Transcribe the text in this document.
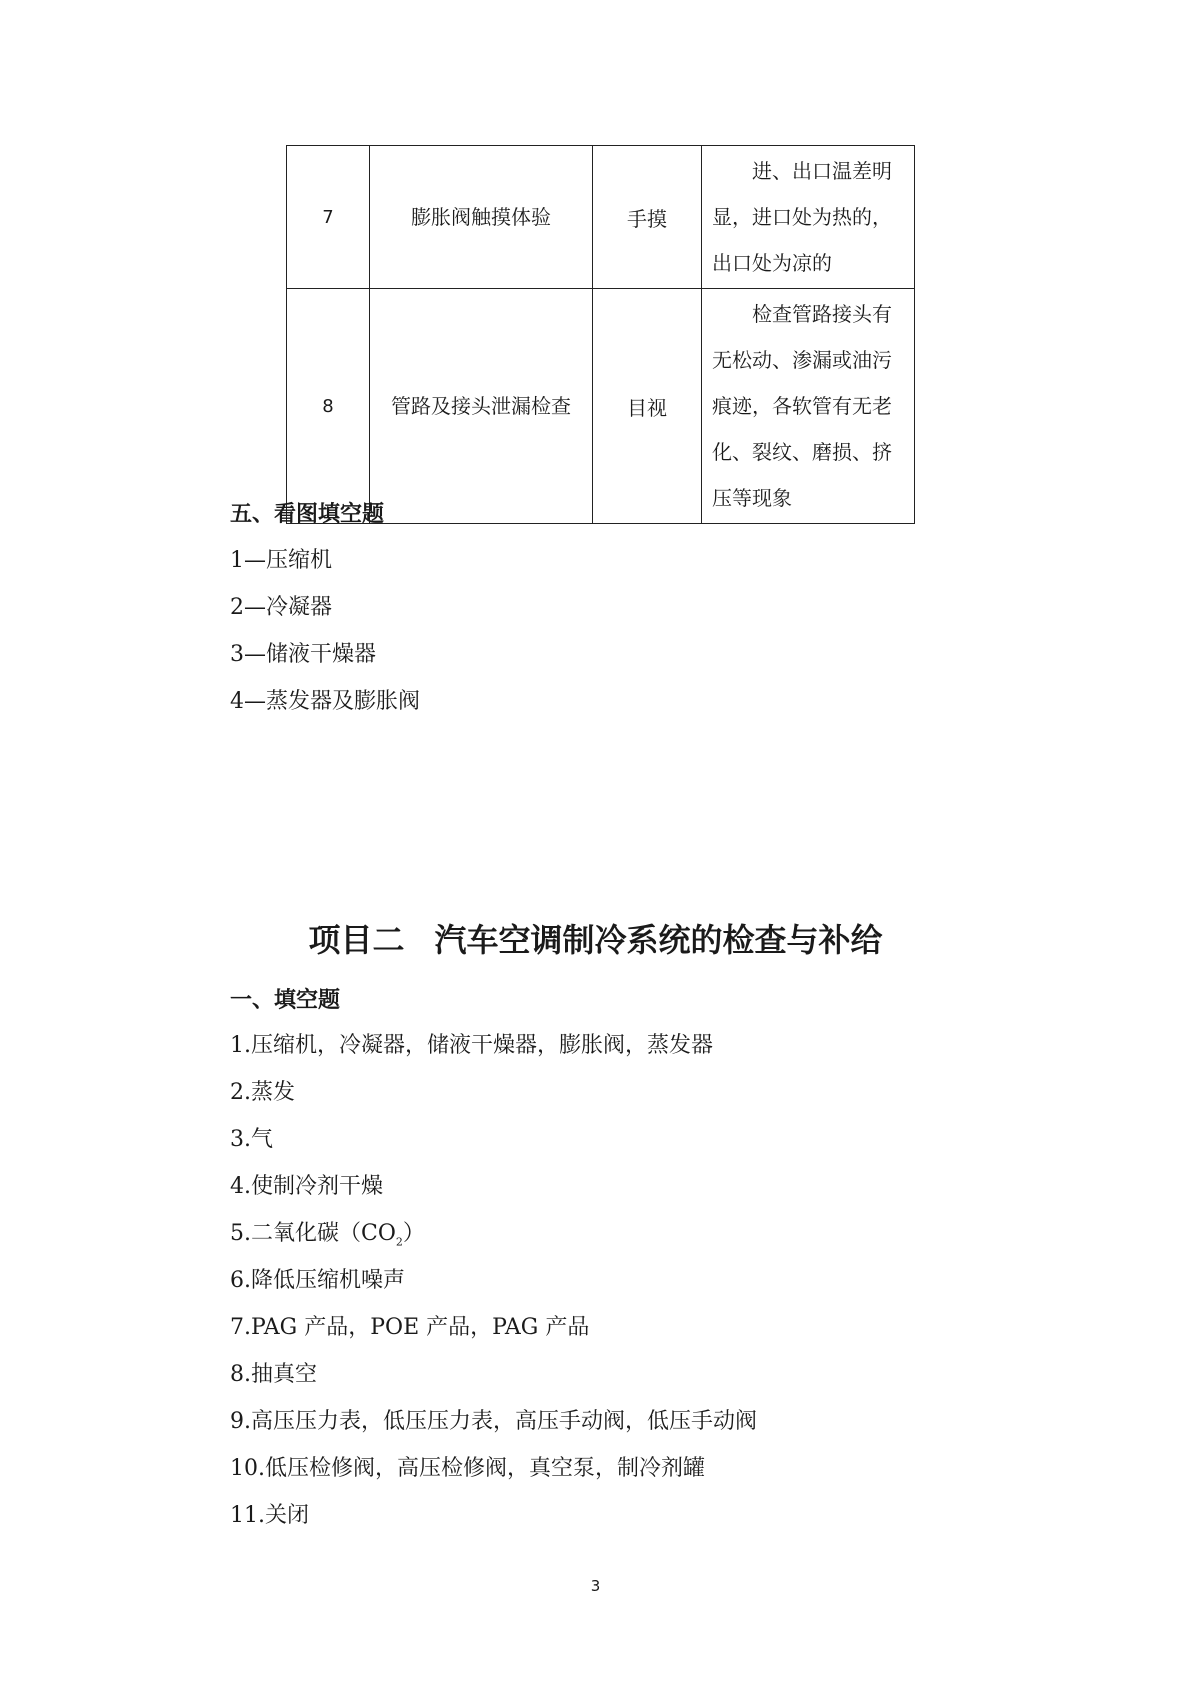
7	膨胀阀触摸体验	手摸	进、出口温差明显，进口处为热的，出口处为凉的
8	管路及接头泄漏检查	目视	检查管路接头有无松动、渗漏或油污痕迹，各软管有无老化、裂纹、磨损、挤压等现象
五、看图填空题
1—压缩机
2—冷凝器
3—储液干燥器
4—蒸发器及膨胀阀
项目二 汽车空调制冷系统的检查与补给
一、填空题
1.压缩机，冷凝器，储液干燥器，膨胀阀，蒸发器
2.蒸发
3.气
4.使制冷剂干燥
5.二氧化碳$(CO_2)$
6.降低压缩机噪声
7.PAG 产品，POE 产品，PAG 产品
8.抽真空
9.高压压力表，低压压力表，高压手动阀，低压手动阀
10.低压检修阀，高压检修阀，真空泵，制冷剂罐
11.关闭
3
